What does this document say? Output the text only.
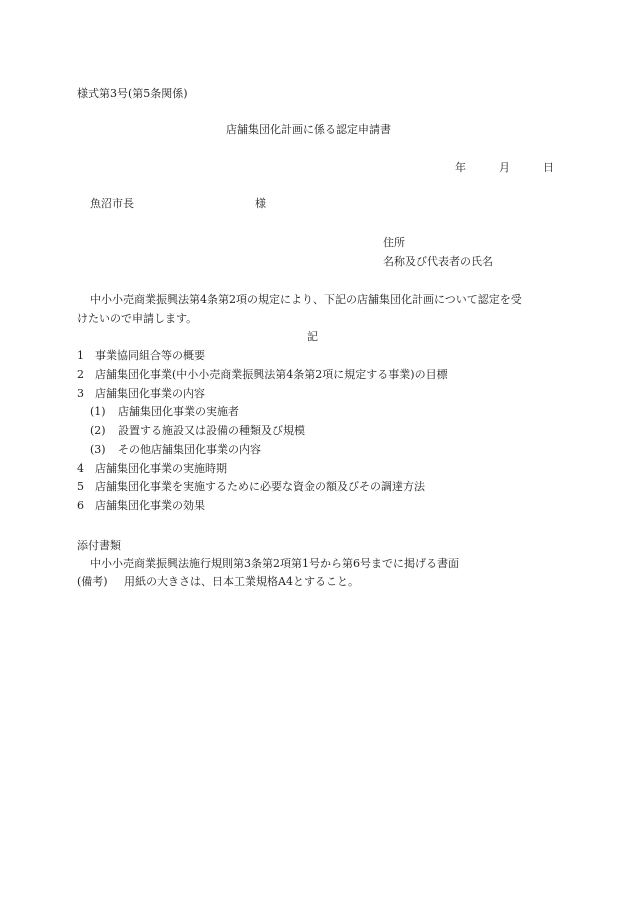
様式第3号(第5条関係)
店舗集団化計画に係る認定申請書
年	月	日
魚沼市長	様
住所
名称及び代表者の氏名
中小小売商業振興法第4条第2項の規定により、下記の店舗集団化計画について認定を受
けたいので申請します。
記
1 事業協同組合等の概要
2 店舗集団化事業(中小小売商業振興法第4条第2項に規定する事業)の目標
3 店舗集団化事業の内容
(1) 店舗集団化事業の実施者
(2) 設置する施設又は設備の種類及び規模
(3) その他店舗集団化事業の内容
4 店舗集団化事業の実施時期
5 店舗集団化事業を実施するために必要な資金の額及びその調達方法
6 店舗集団化事業の効果
添付書類
中小小売商業振興法施行規則第3条第2項第1号から第6号までに掲げる書面
(備考) 用紙の大きさは、日本工業規格A4とすること。
